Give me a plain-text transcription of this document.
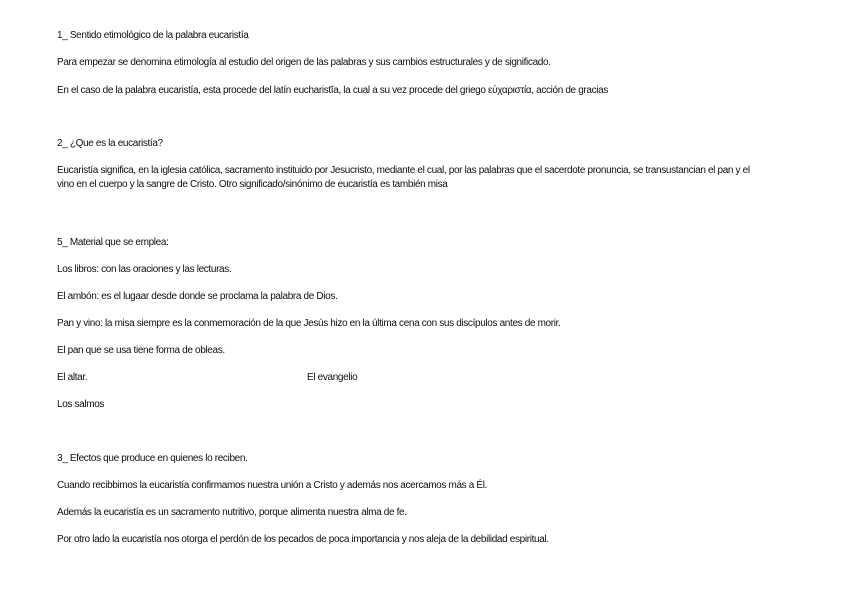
1_ Sentido etimológico de la palabra eucaristía
Para empezar se denomina etimología al estudio del origen de las palabras y sus cambios estructurales y de significado.
En el caso de la palabra eucaristía, esta procede del latín eucharistĭa, la cual a su vez procede del griego εὐχαριστία, acción de gracias
2_ ¿Que es la eucaristía?
Eucaristía significa, en la iglesia católica, sacramento instituido por Jesucristo, mediante el cual, por las palabras que el sacerdote pronuncia, se transustancian el pan y el vino en el cuerpo y la sangre de Cristo. Otro significado/sinónimo de eucaristía es también misa
5_ Material que se emplea:
Los libros: con las oraciones y las lecturas.
El ambón: es el lugaar desde donde se proclama la palabra de Dios.
Pan y vino: la misa siempre es la conmemoración de la que Jesús hizo en la última cena con sus discípulos antes de morir.
El pan que se usa tiene forma de obleas.
El altar.	El evangelio
Los salmos
3_ Efectos que produce en quienes lo reciben.
Cuando recibbimos la eucaristía confirmamos nuestra unión a Cristo y además nos acercamos más a Él.
Además la eucaristía es un sacramento nutritivo, porque alimenta nuestra alma de fe.
Por otro lado la eucaristía nos otorga el perdón de los pecados de poca importancia y nos aleja de la debilidad espiritual.
